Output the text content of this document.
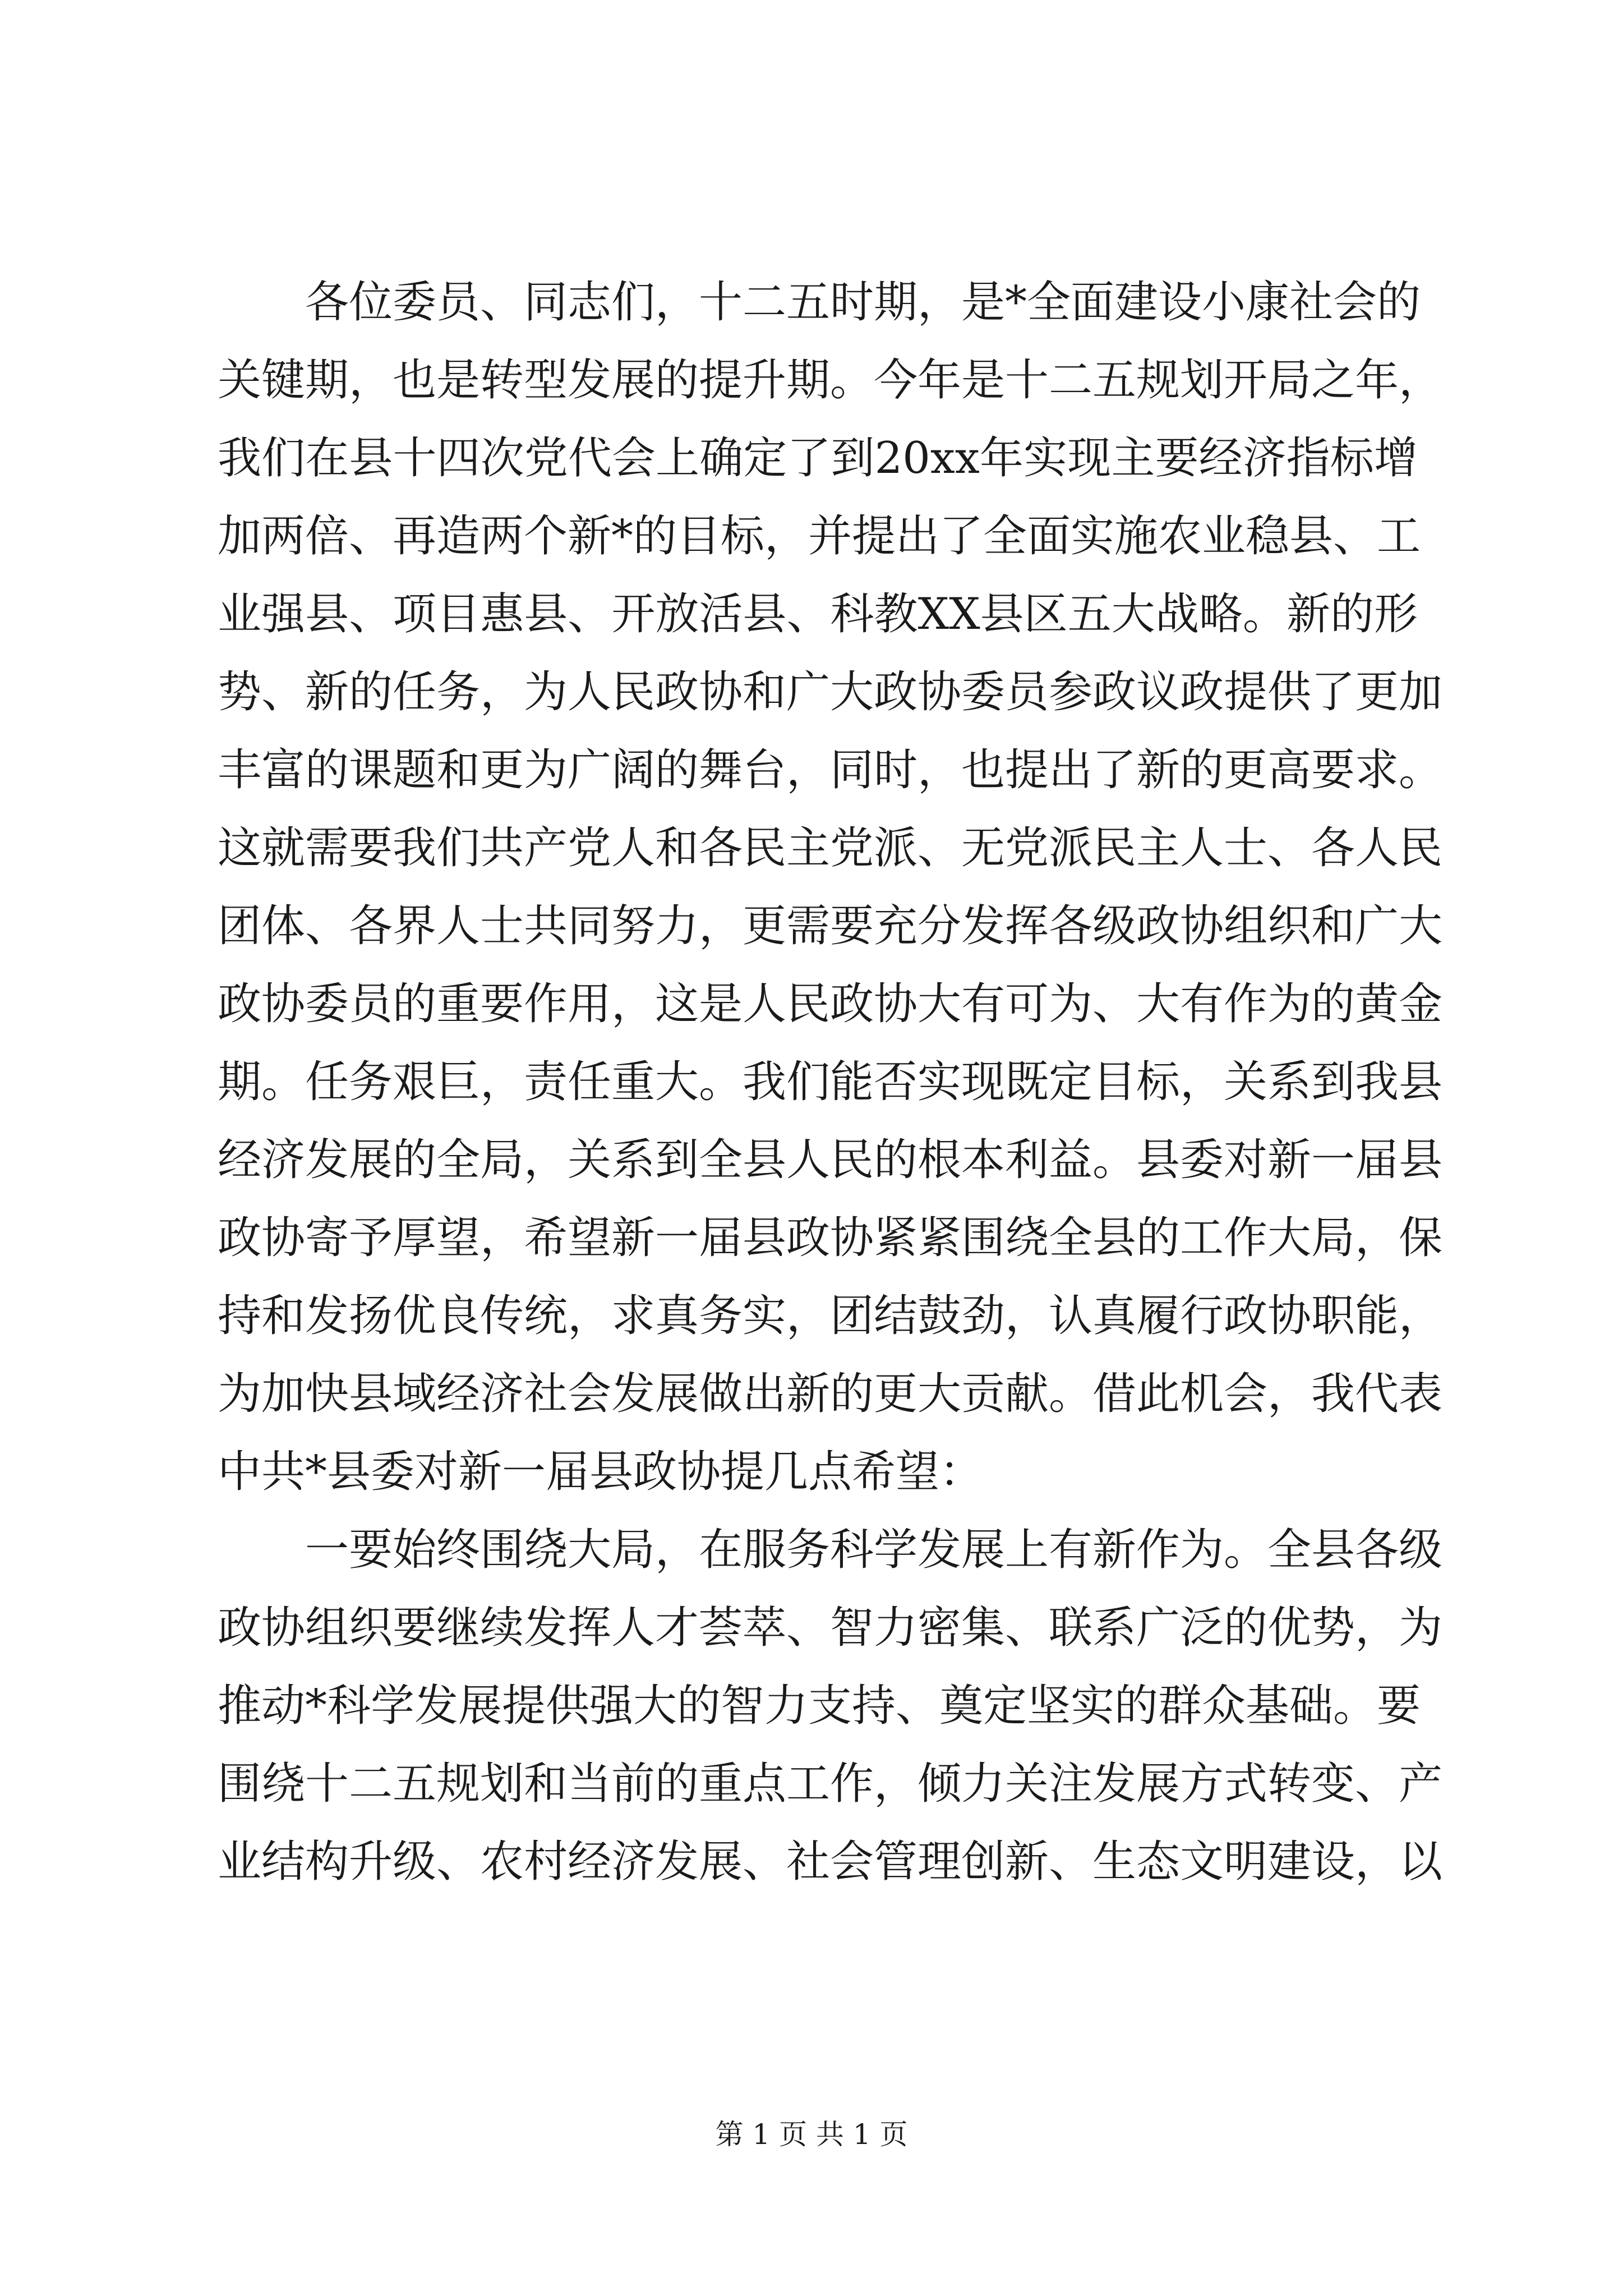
各位委员、同志们，十二五时期，是*全面建设小康社会的
关键期，也是转型发展的提升期。今年是十二五规划开局之年，
我们在县十四次党代会上确定了到20xx年实现主要经济指标增
加两倍、再造两个新*的目标，并提出了全面实施农业稳县、工
业强县、项目惠县、开放活县、科教XX县区五大战略。新的形
势、新的任务，为人民政协和广大政协委员参政议政提供了更加
丰富的课题和更为广阔的舞台，同时，也提出了新的更高要求。
这就需要我们共产党人和各民主党派、无党派民主人士、各人民
团体、各界人士共同努力，更需要充分发挥各级政协组织和广大
政协委员的重要作用，这是人民政协大有可为、大有作为的黄金
期。任务艰巨，责任重大。我们能否实现既定目标，关系到我县
经济发展的全局，关系到全县人民的根本利益。县委对新一届县
政协寄予厚望，希望新一届县政协紧紧围绕全县的工作大局，保
持和发扬优良传统，求真务实，团结鼓劲，认真履行政协职能，
为加快县域经济社会发展做出新的更大贡献。借此机会，我代表
中共*县委对新一届县政协提几点希望：
一要始终围绕大局，在服务科学发展上有新作为。全县各级
政协组织要继续发挥人才荟萃、智力密集、联系广泛的优势，为
推动*科学发展提供强大的智力支持、奠定坚实的群众基础。要
围绕十二五规划和当前的重点工作，倾力关注发展方式转变、产
业结构升级、农村经济发展、社会管理创新、生态文明建设，以
第 1 页 共 1 页
